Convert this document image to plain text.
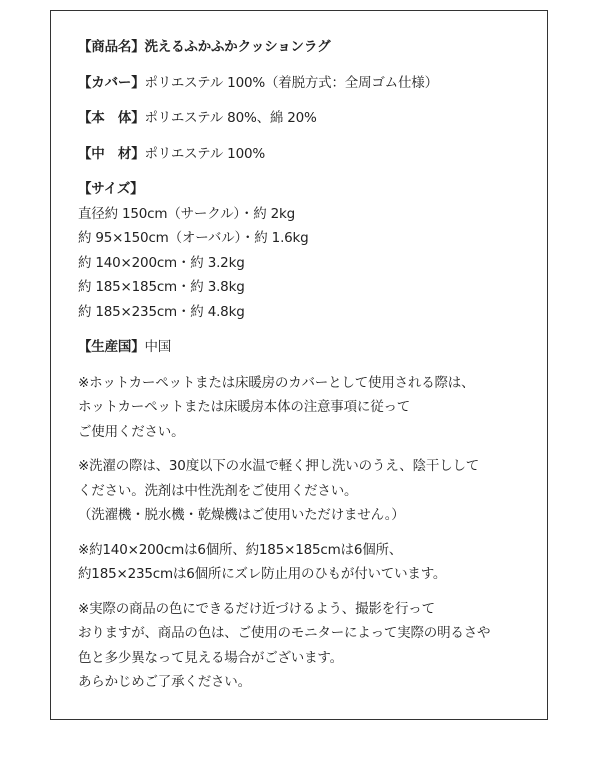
【商品名】洗えるふかふかクッションラグ
【カバー】ポリエステル 100%（着脱方式：全周ゴム仕様）
【本　体】ポリエステル 80%、綿 20%
【中　材】ポリエステル 100%
【サイズ】
直径約 150cm（サークル）・約 2kg
約 95×150cm（オーバル）・約 1.6kg
約 140×200cm・約 3.2kg
約 185×185cm・約 3.8kg
約 185×235cm・約 4.8kg
【生産国】中国
※ホットカーペットまたは床暖房のカバーとして使用される際は、
ホットカーペットまたは床暖房本体の注意事項に従って
ご使用ください。
※洗濯の際は、30度以下の水温で軽く押し洗いのうえ、陰干しして
ください。洗剤は中性洗剤をご使用ください。
（洗濯機・脱水機・乾燥機はご使用いただけません。）
※約140×200cmは6個所、約185×185cmは6個所、
約185×235cmは6個所にズレ防止用のひもが付いています。
※実際の商品の色にできるだけ近づけるよう、撮影を行って
おりますが、商品の色は、ご使用のモニターによって実際の明るさや
色と多少異なって見える場合がございます。
あらかじめご了承ください。
